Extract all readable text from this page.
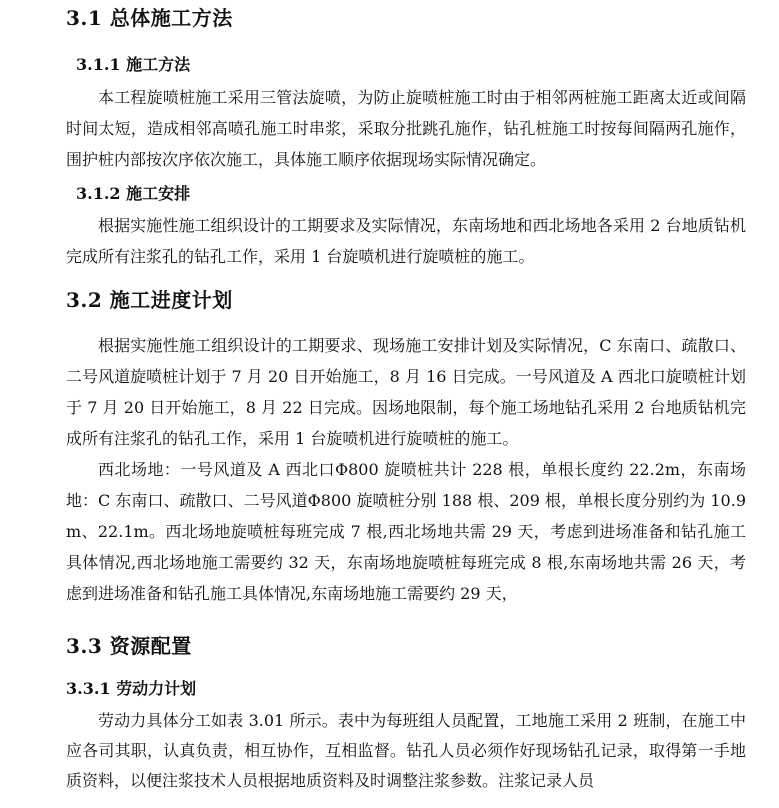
3.1 总体施工方法
3.1.1 施工方法

本工程旋喷桩施工采用三管法旋喷，为防止旋喷桩施工时由于相邻两桩施工距离太近或间隔时间太短，造成相邻高喷孔施工时串浆，采取分批跳孔施作，钻孔桩施工时按每间隔两孔施作，围护桩内部按次序依次施工，具体施工顺序依据现场实际情况确定。

3.1.2 施工安排

根据实施性施工组织设计的工期要求及实际情况，东南场地和西北场地各采用 2 台地质钻机完成所有注浆孔的钻孔工作，采用 1 台旋喷机进行旋喷桩的施工。

3.2 施工进度计划

根据实施性施工组织设计的工期要求、现场施工安排计划及实际情况，C 东南口、疏散口、二号风道旋喷桩计划于 7 月 20 日开始施工，8 月 16 日完成。一号风道及 A 西北口旋喷桩计划于 7 月 20 日开始施工，8 月 22 日完成。因场地限制，每个施工场地钻孔采用 2 台地质钻机完成所有注浆孔的钻孔工作，采用 1 台旋喷机进行旋喷桩的施工。

西北场地：一号风道及 A 西北口Φ800 旋喷桩共计 228 根，单根长度约 22.2m，东南场地：C 东南口、疏散口、二号风道Φ800 旋喷桩分别 188 根、209 根，单根长度分别约为 10.9m、22.1m。西北场地旋喷桩每班完成 7 根,西北场地共需 29 天，考虑到进场准备和钻孔施工具体情况,西北场地施工需要约 32 天，东南场地旋喷桩每班完成 8 根,东南场地共需 26 天，考虑到进场准备和钻孔施工具体情况,东南场地施工需要约 29 天，

3.3 资源配置
3.3.1 劳动力计划

劳动力具体分工如表 3.01 所示。表中为每班组人员配置，工地施工采用 2 班制，在施工中应各司其职，认真负责，相互协作，互相监督。钻孔人员必须作好现场钻孔记录，取得第一手地质资料，以便注浆技术人员根据地质资料及时调整注浆参数。注浆记录人员
